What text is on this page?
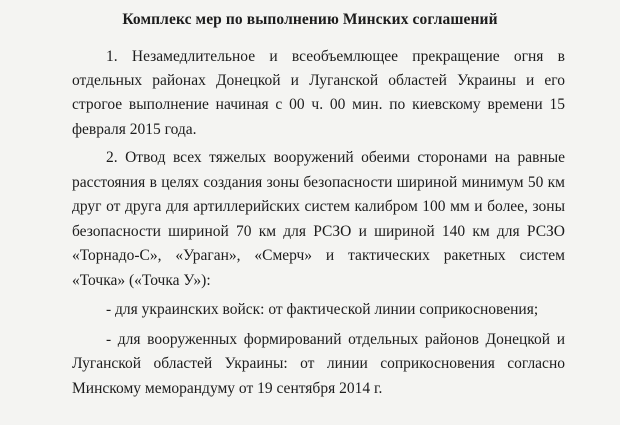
Комплекс мер по выполнению Минских соглашений
1. Незамедлительное и всеобъемлющее прекращение огня в
отдельных районах Донецкой и Луганской областей Украины и его
строгое выполнение начиная с 00 ч. 00 мин. по киевскому времени 15
февраля 2015 года.
2. Отвод всех тяжелых вооружений обеими сторонами на равные
расстояния в целях создания зоны безопасности шириной минимум 50 км
друг от друга для артиллерийских систем калибром 100 мм и более, зоны
безопасности шириной 70 км для РСЗО и шириной 140 км для РСЗО
«Торнадо-С», «Ураган», «Смерч» и тактических ракетных систем
«Точка» («Точка У»):
- для украинских войск: от фактической линии соприкосновения;
- для вооруженных формирований отдельных районов Донецкой и
Луганской областей Украины: от линии соприкосновения согласно
Минскому меморандуму от 19 сентября 2014 г.
